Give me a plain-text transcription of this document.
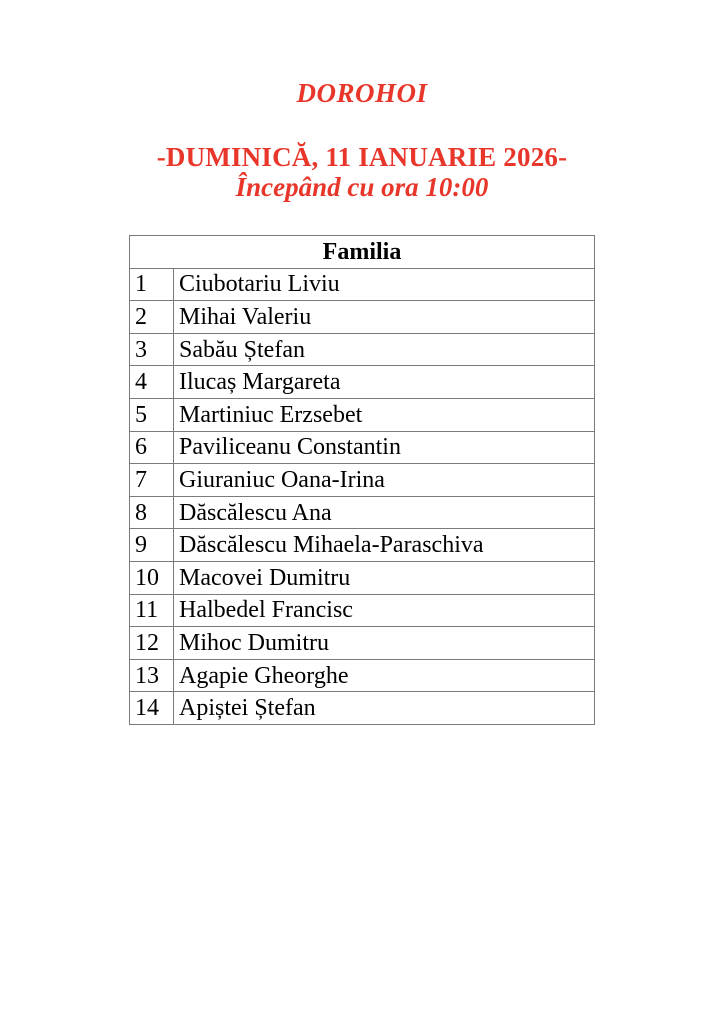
DOROHOI
-DUMINICĂ, 11 IANUARIE 2026-
Începând cu ora 10:00
Familia	
1	Ciubotariu Liviu
2	Mihai Valeriu
3	Sabău Ștefan
4	Ilucaș Margareta
5	Martiniuc Erzsebet
6	Paviliceanu Constantin
7	Giuraniuc Oana-Irina
8	Dăscălescu Ana
9	Dăscălescu Mihaela-Paraschiva
10	Macovei Dumitru
11	Halbedel Francisc
12	Mihoc Dumitru
13	Agapie Gheorghe
14	Apiștei Ștefan
